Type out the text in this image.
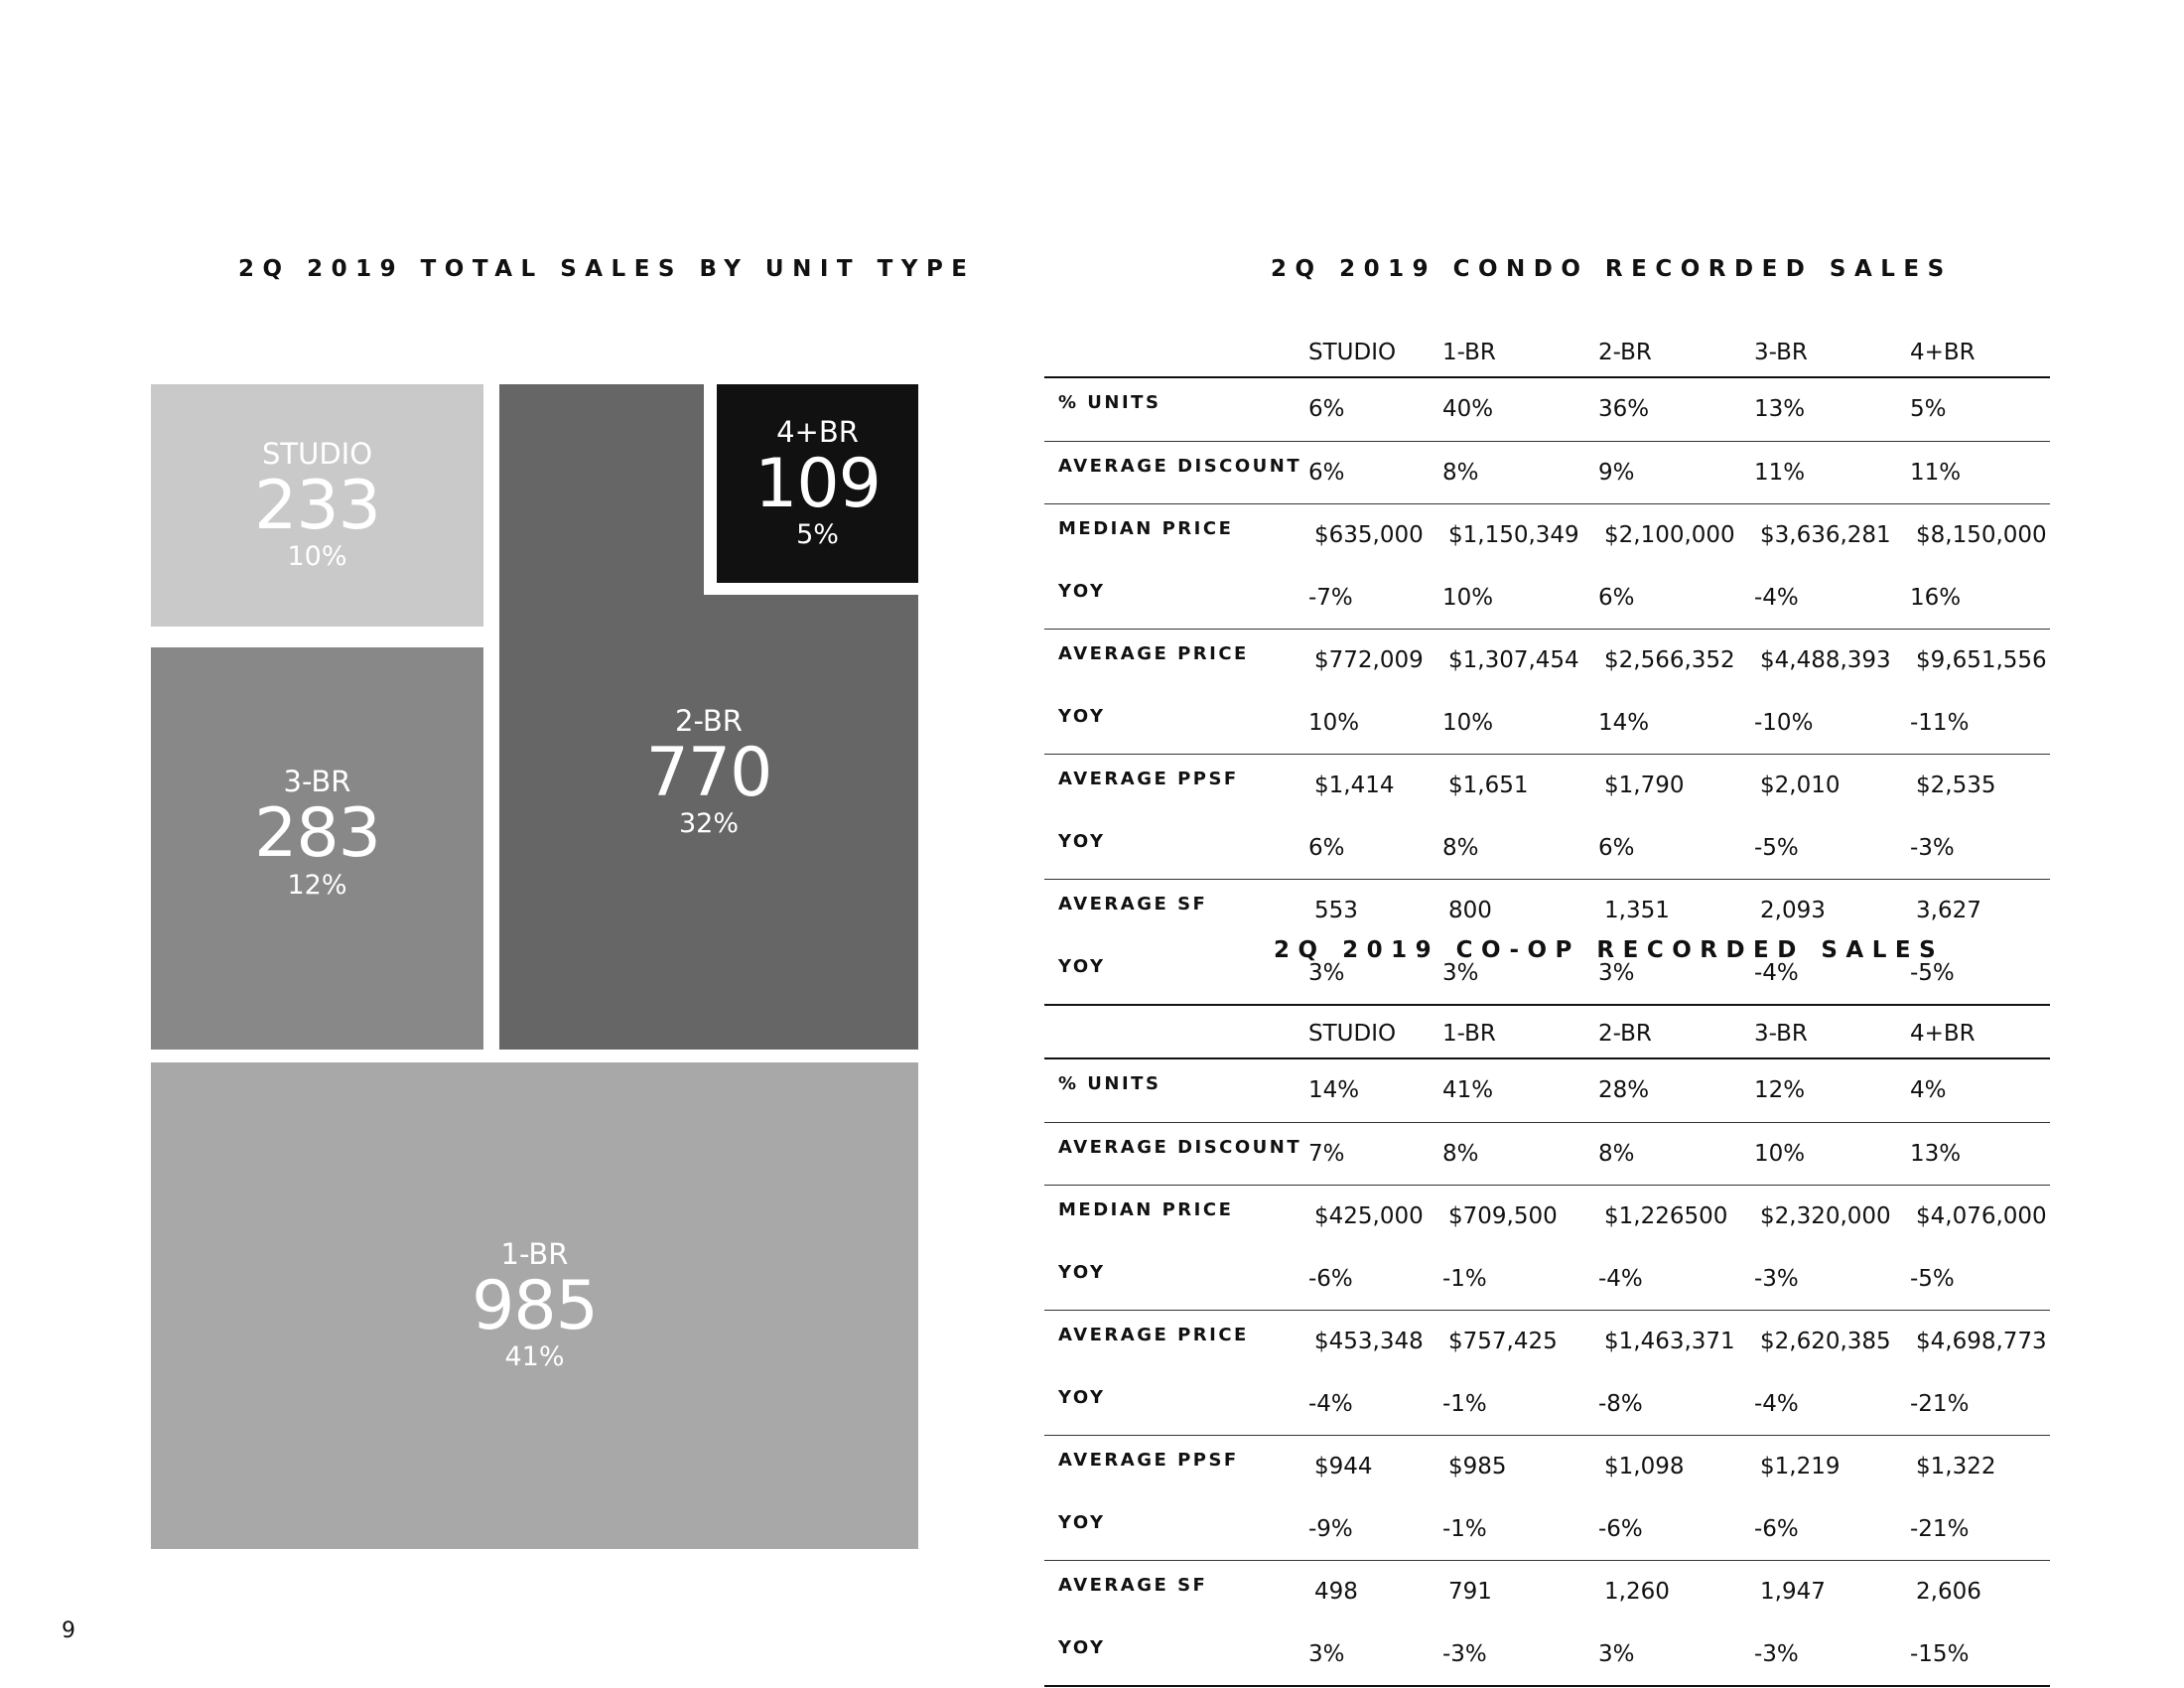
2Q 2019 TOTAL SALES BY UNIT TYPE
STUDIO
233
10%
2-BR
770
32%
4+BR
109
5%
3-BR
283
12%
1-BR
985
41%
2Q 2019 CONDO RECORDED SALES
	STUDIO	1-BR	2-BR	3-BR	4+BR
% UNITS	6%	40%	36%	13%	5%
AVERAGE DISCOUNT	6%	8%	9%	11%	11%
MEDIAN PRICE	$635,000	$1,150,349	$2,100,000	$3,636,281	$8,150,000
YOY	-7%	10%	6%	-4%	16%
AVERAGE PRICE	$772,009	$1,307,454	$2,566,352	$4,488,393	$9,651,556
YOY	10%	10%	14%	-10%	-11%
AVERAGE PPSF	$1,414	$1,651	$1,790	$2,010	$2,535
YOY	6%	8%	6%	-5%	-3%
AVERAGE SF	553	800	1,351	2,093	3,627
YOY	3%	3%	3%	-4%	-5%
2Q 2019 CO-OP RECORDED SALES
	STUDIO	1-BR	2-BR	3-BR	4+BR
% UNITS	14%	41%	28%	12%	4%
AVERAGE DISCOUNT	7%	8%	8%	10%	13%
MEDIAN PRICE	$425,000	$709,500	$1,226500	$2,320,000	$4,076,000
YOY	-6%	-1%	-4%	-3%	-5%
AVERAGE PRICE	$453,348	$757,425	$1,463,371	$2,620,385	$4,698,773
YOY	-4%	-1%	-8%	-4%	-21%
AVERAGE PPSF	$944	$985	$1,098	$1,219	$1,322
YOY	-9%	-1%	-6%	-6%	-21%
AVERAGE SF	498	791	1,260	1,947	2,606
YOY	3%	-3%	3%	-3%	-15%
9
